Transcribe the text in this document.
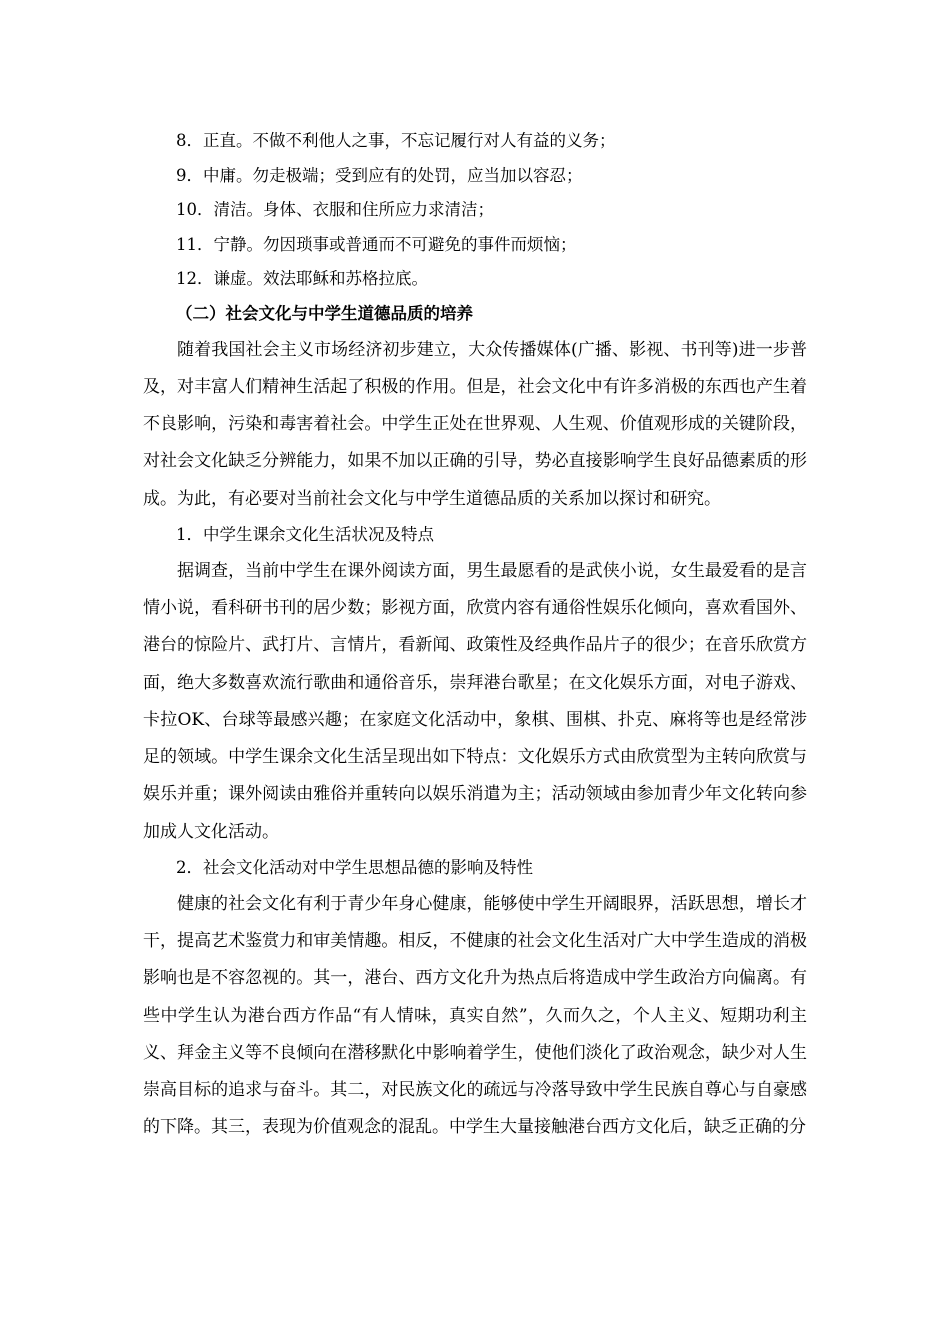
8．正直。不做不利他人之事，不忘记履行对人有益的义务；

9．中庸。勿走极端；受到应有的处罚，应当加以容忍；

10．清洁。身体、衣服和住所应力求清洁；

11．宁静。勿因琐事或普通而不可避免的事件而烦恼；

12．谦虚。效法耶稣和苏格拉底。

（二）社会文化与中学生道德品质的培养

随着我国社会主义市场经济初步建立，大众传播媒体(广播、影视、书刊等)进一步普及，对丰富人们精神生活起了积极的作用。但是，社会文化中有许多消极的东西也产生着不良影响，污染和毒害着社会。中学生正处在世界观、人生观、价值观形成的关键阶段，对社会文化缺乏分辨能力，如果不加以正确的引导，势必直接影响学生良好品德素质的形成。为此，有必要对当前社会文化与中学生道德品质的关系加以探讨和研究。

1．中学生课余文化生活状况及特点

据调查，当前中学生在课外阅读方面，男生最愿看的是武侠小说，女生最爱看的是言情小说，看科研书刊的居少数；影视方面，欣赏内容有通俗性娱乐化倾向，喜欢看国外、港台的惊险片、武打片、言情片，看新闻、政策性及经典作品片子的很少；在音乐欣赏方面，绝大多数喜欢流行歌曲和通俗音乐，崇拜港台歌星；在文化娱乐方面，对电子游戏、卡拉OK、台球等最感兴趣；在家庭文化活动中，象棋、围棋、扑克、麻将等也是经常涉足的领域。中学生课余文化生活呈现出如下特点：文化娱乐方式由欣赏型为主转向欣赏与娱乐并重；课外阅读由雅俗并重转向以娱乐消遣为主；活动领域由参加青少年文化转向参加成人文化活动。

2．社会文化活动对中学生思想品德的影响及特性

健康的社会文化有利于青少年身心健康，能够使中学生开阔眼界，活跃思想，增长才干，提高艺术鉴赏力和审美情趣。相反，不健康的社会文化生活对广大中学生造成的消极影响也是不容忽视的。其一，港台、西方文化升为热点后将造成中学生政治方向偏离。有些中学生认为港台西方作品“有人情味，真实自然”，久而久之，个人主义、短期功利主义、拜金主义等不良倾向在潜移默化中影响着学生，使他们淡化了政治观念，缺少对人生崇高目标的追求与奋斗。其二，对民族文化的疏远与冷落导致中学生民族自尊心与自豪感的下降。其三，表现为价值观念的混乱。中学生大量接触港台西方文化后，缺乏正确的分
